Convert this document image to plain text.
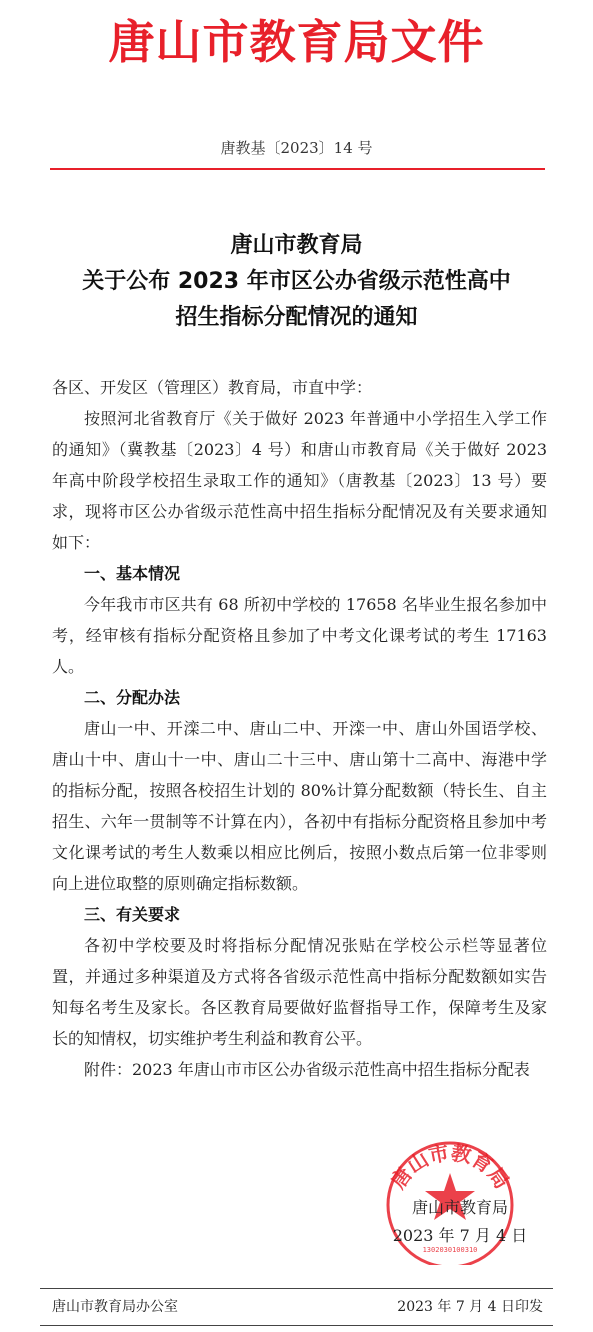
唐山市教育局文件
唐教基〔2023〕14 号
唐山市教育局
关于公布 2023 年市区公办省级示范性高中
招生指标分配情况的通知

各区、开发区（管理区）教育局，市直中学：

按照河北省教育厅《关于做好 2023 年普通中小学招生入学工作的通知》（冀教基〔2023〕4 号）和唐山市教育局《关于做好 2023 年高中阶段学校招生录取工作的通知》（唐教基〔2023〕13 号）要求，现将市区公办省级示范性高中招生指标分配情况及有关要求通知如下：

一、基本情况

今年我市市区共有 68 所初中学校的 17658 名毕业生报名参加中考，经审核有指标分配资格且参加了中考文化课考试的考生 17163 人。

二、分配办法

唐山一中、开滦二中、唐山二中、开滦一中、唐山外国语学校、唐山十中、唐山十一中、唐山二十三中、唐山第十二高中、海港中学的指标分配，按照各校招生计划的 80%计算分配数额（特长生、自主招生、六年一贯制等不计算在内），各初中有指标分配资格且参加中考文化课考试的考生人数乘以相应比例后，按照小数点后第一位非零则向上进位取整的原则确定指标数额。

三、有关要求

各初中学校要及时将指标分配情况张贴在学校公示栏等显著位置，并通过多种渠道及方式将各省级示范性高中指标分配数额如实告知每名考生及家长。各区教育局要做好监督指导工作，保障考生及家长的知情权，切实维护考生利益和教育公平。

附件：2023 年唐山市市区公办省级示范性高中招生指标分配表

唐山市教育局
1302030100310
唐山市教育局
2023 年 7 月 4 日
唐山市教育局办公室	2023 年 7 月 4 日印发
